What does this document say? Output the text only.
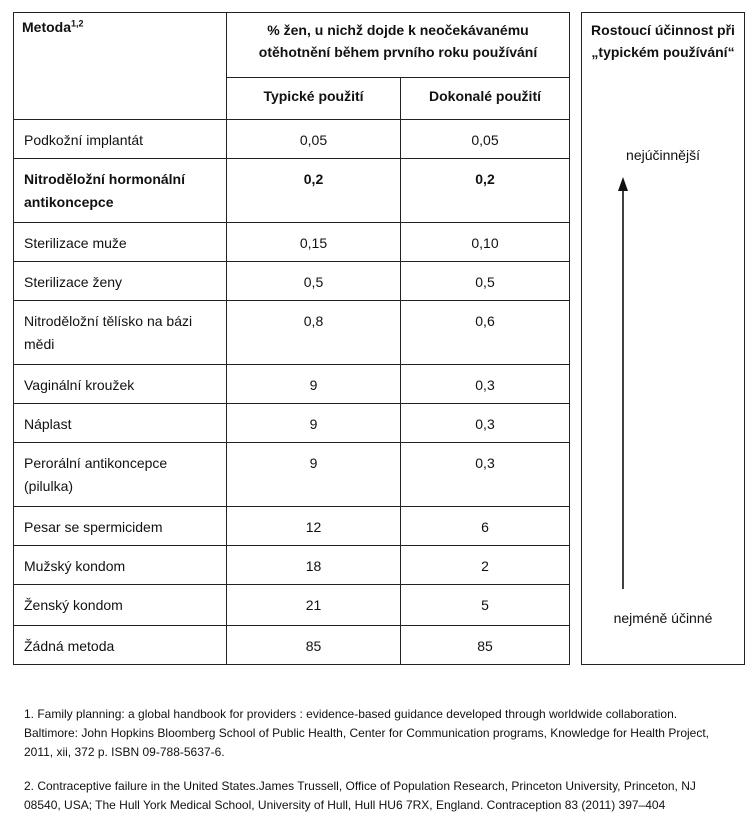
Metoda$^{1,2}$	% žen, u nichž dojde k neočekávanému otěhotnění během prvního roku používání			Rostoucí účinnost při „typickém používání“
nejúčinnější
nejméně účinné

	Typické použití	Dokonalé použití		

Podkožní implantát	0,05	0,05		

Nitroděložní hormonální antikoncepce	0,2	0,2		

Sterilizace muže	0,15	0,10		

Sterilizace ženy	0,5	0,5		

Nitroděložní tělísko na bázi mědi	0,8	0,6		

Vaginální kroužek	9	0,3		

Náplast	9	0,3		

Perorální antikoncepce (pilulka)	9	0,3		

Pesar se spermicidem	12	6		

Mužský kondom	18	2		

Ženský kondom	21	5		

Žádná metoda	85	85		

1. Family planning: a global handbook for providers : evidence-based guidance developed through worldwide collaboration. Baltimore: John Hopkins Bloomberg School of Public Health, Center for Communication programs, Knowledge for Health Project, 2011, xii, 372 p. ISBN 09-788-5637-6.

2. Contraceptive failure in the United States.James Trussell, Office of Population Research, Princeton University, Princeton, NJ 08540, USA; The Hull York Medical School, University of Hull, Hull HU6 7RX, England. Contraception 83 (2011) 397–404
